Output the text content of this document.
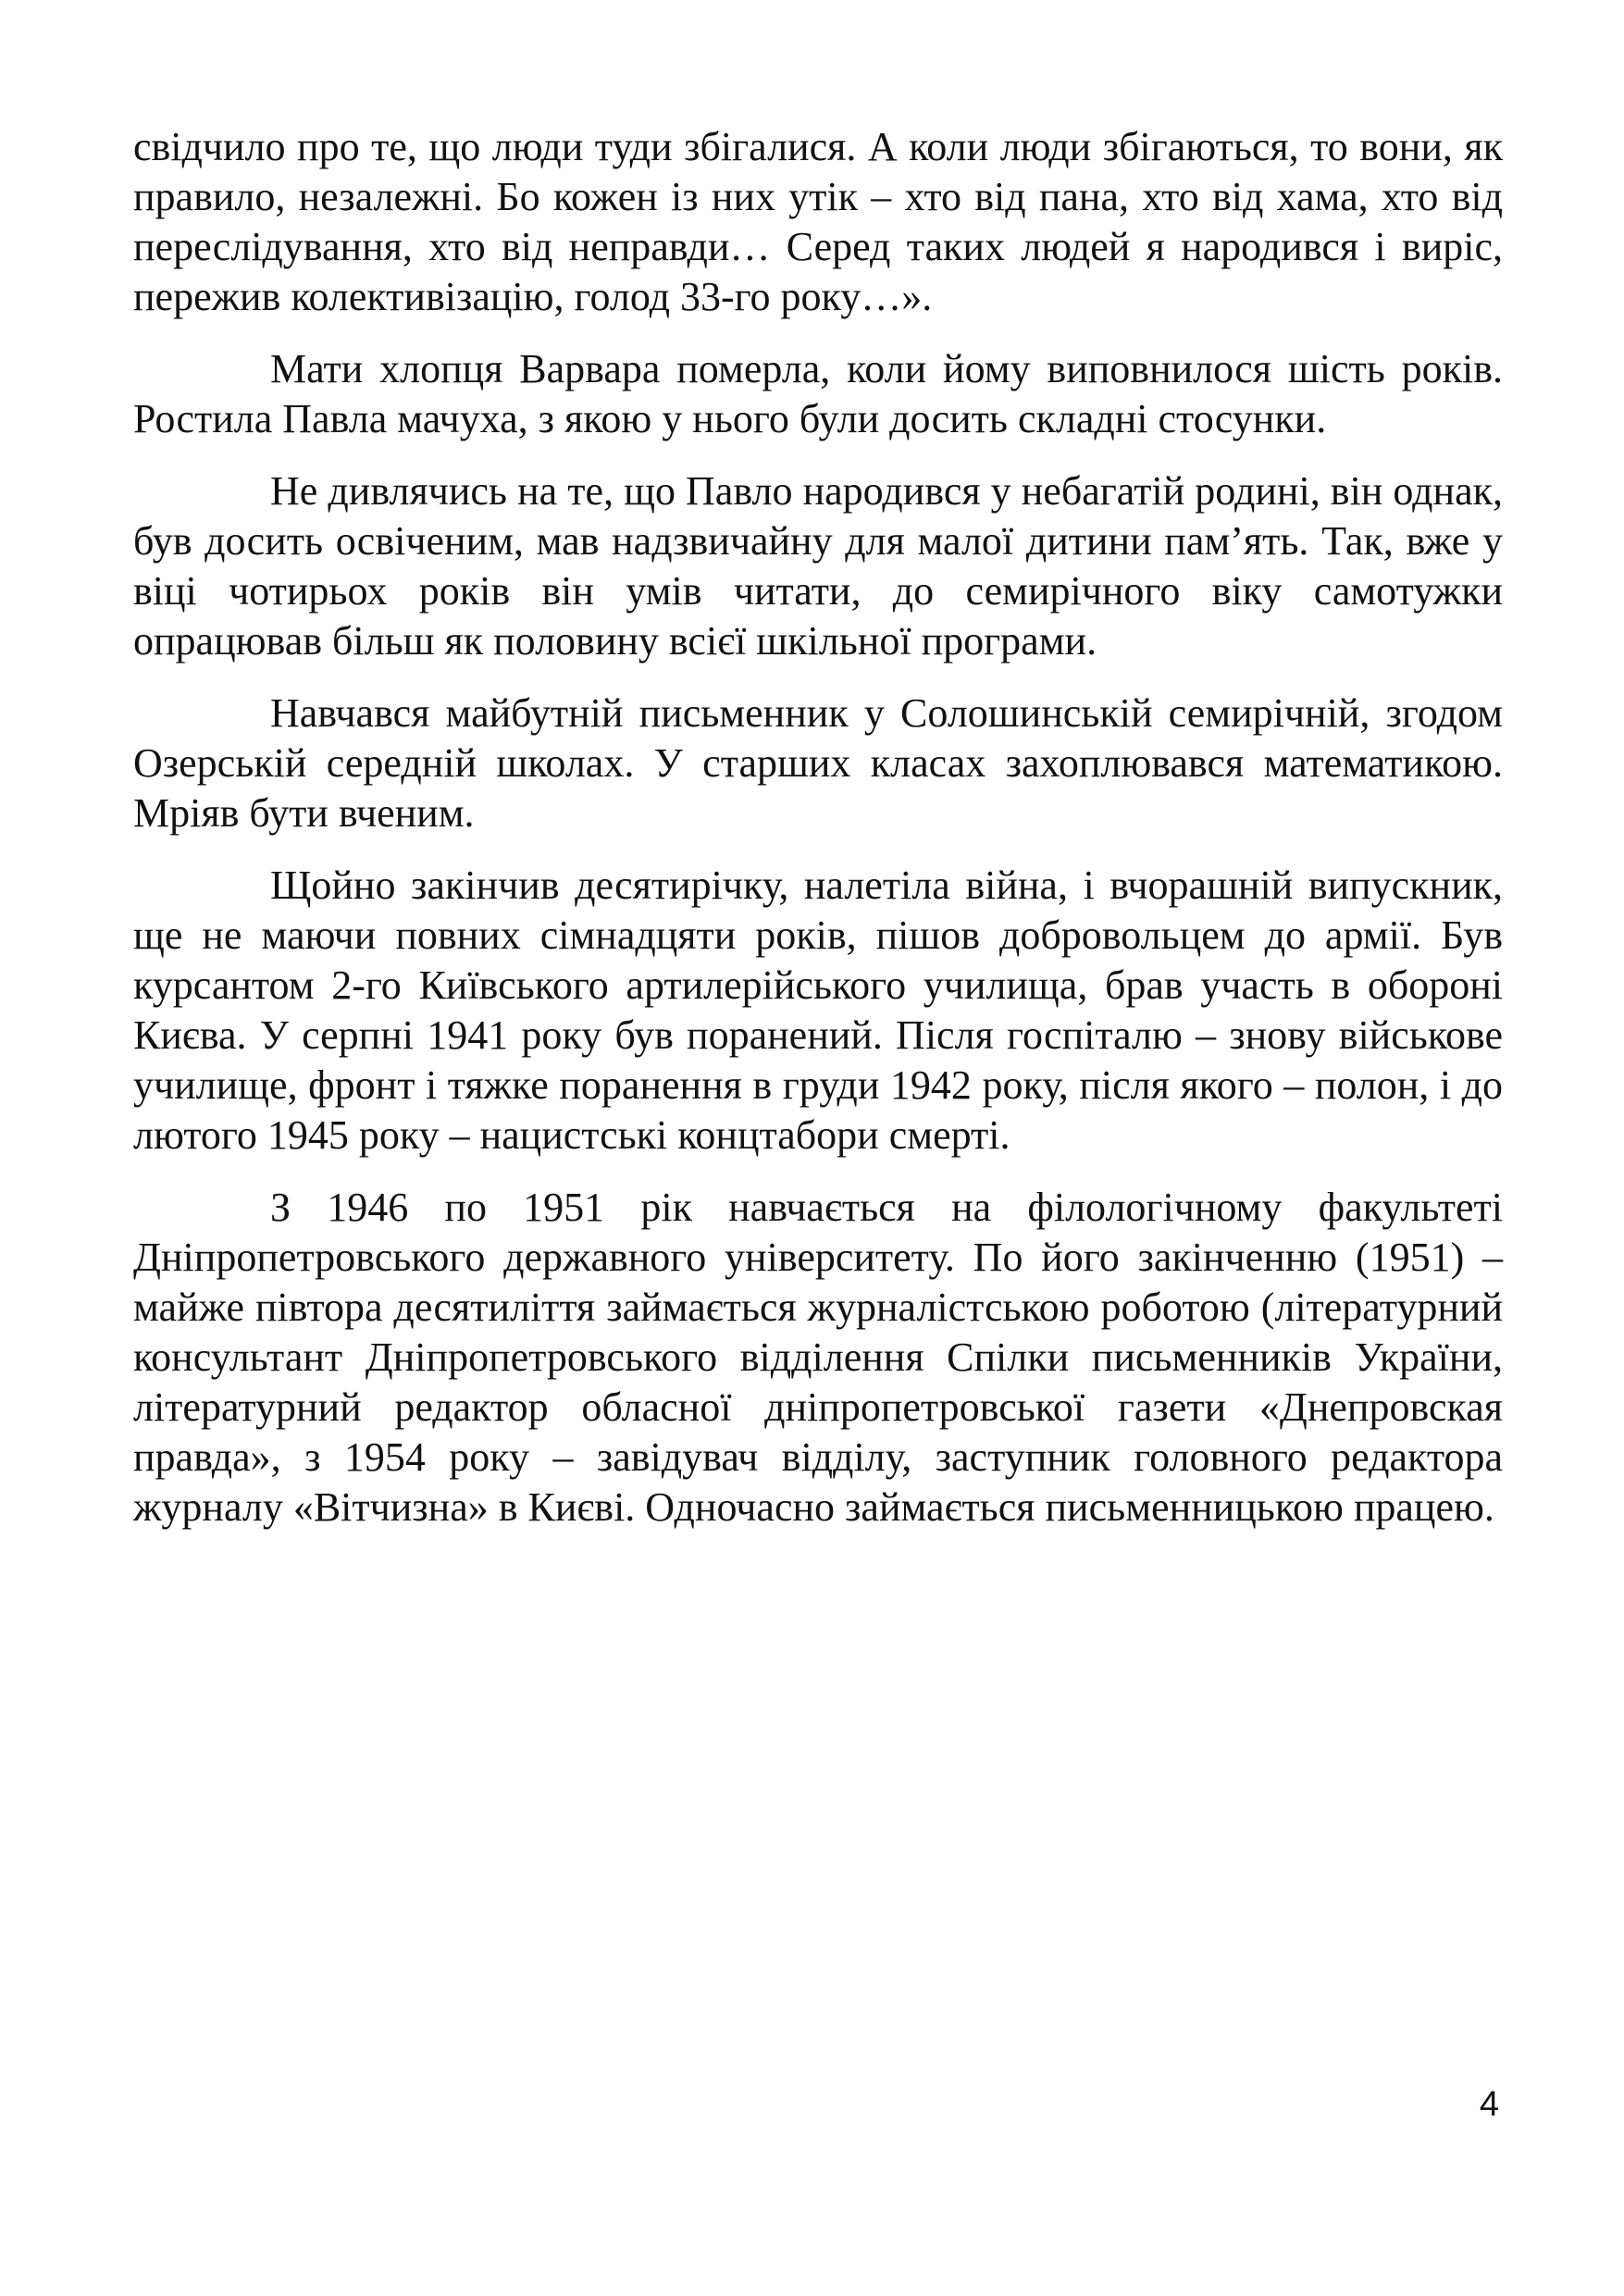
свідчило про те, що люди туди збігалися. А коли люди збігаються, то вони, як правило, незалежні. Бо кожен із них утік – хто від пана, хто від хама, хто від переслідування, хто від неправди… Серед таких людей я народився і виріс, пережив колективізацію, голод 33-го року…».

Мати хлопця Варвара померла, коли йому виповнилося шість років. Ростила Павла мачуха, з якою у нього були досить складні стосунки.

Не дивлячись на те, що Павло народився у небагатій родині, він однак, був досить освіченим, мав надзвичайну для малої дитини пам’ять. Так, вже у віці чотирьох років він умів читати, до семирічного віку самотужки опрацював більш як половину всієї шкільної програми.

Навчався майбутній письменник у Солошинській семирічній, згодом Озерській середній школах. У старших класах захоплювався математикою. Мріяв бути вченим.

Щойно закінчив десятирічку, налетіла війна, і вчорашній випускник, ще не маючи повних сімнадцяти років, пішов добровольцем до армії. Був курсантом 2-го Київського артилерійського училища, брав участь в обороні Києва. У серпні 1941 року був поранений. Після госпіталю – знову військове училище, фронт і тяжке поранення в груди 1942 року, після якого – полон, і до лютого 1945 року – нацистські концтабори смерті.

З 1946 по 1951 рік навчається на філологічному факультеті Дніпропетровського державного університету. По його закінченню (1951) – майже півтора десятиліття займається журналістською роботою (літературний консультант Дніпропетровського відділення Спілки письменників України, літературний редактор обласної дніпропетровської газети «Днепровская правда», з 1954 року – завідувач відділу, заступник головного редактора журналу «Вітчизна» в Києві. Одночасно займається письменницькою працею.

4
